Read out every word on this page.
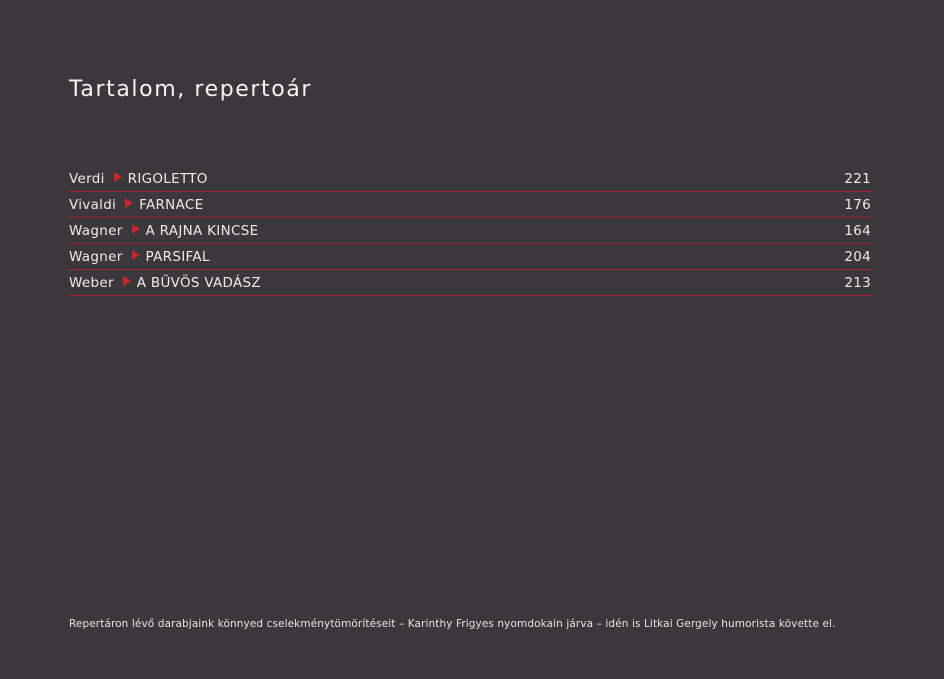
Tartalom, repertoár
Verdi RIGOLETTO	221
Vivaldi FARNACE	176
Wagner A RAJNA KINCSE	164
Wagner PARSIFAL	204
Weber A BŰVÖS VADÁSZ	213

Repertáron lévő darabjaink könnyed cselekménytömörítéseit – Karinthy Frigyes nyomdokain járva – idén is Litkai Gergely humorista követte el.
